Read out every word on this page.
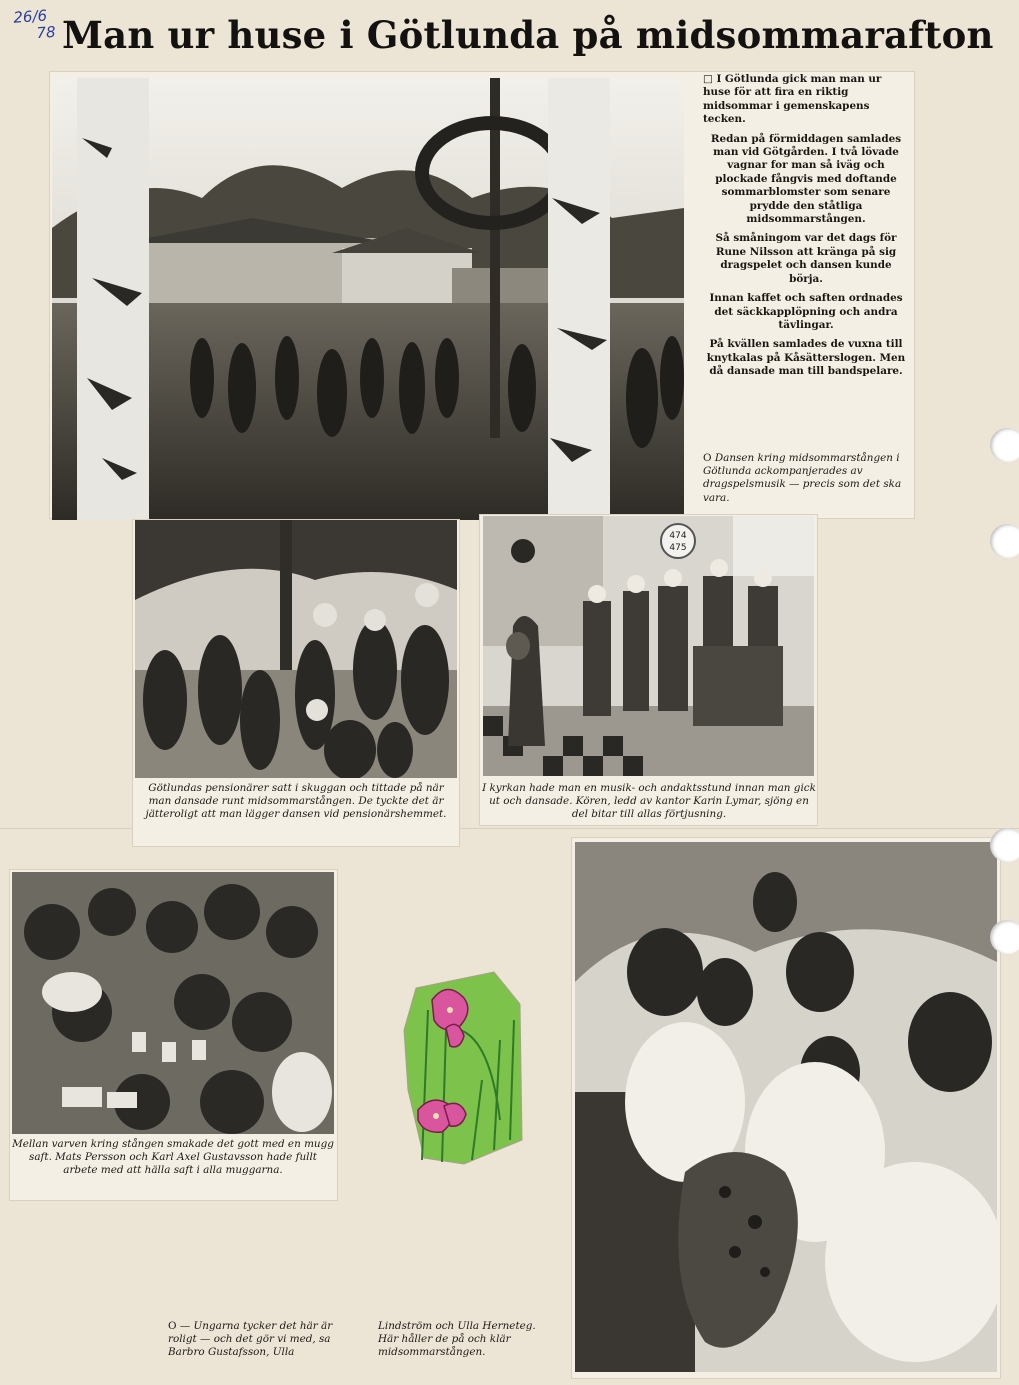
26/6
78 Man ur huse i Götlunda på midsommarafton

□ I Götlunda gick man man ur huse för att fira en riktig midsommar i gemenskapens tecken.

Redan på förmiddagen samlades man vid Götgården. I två lövade vagnar for man så iväg och plockade fångvis med doftande sommarblomster som senare prydde den ståtliga midsommarstången.

Så småningom var det dags för Rune Nilsson att kränga på sig dragspelet och dansen kunde börja.

Innan kaffet och saften ordnades det säckkapplöpning och andra tävlingar.

På kvällen samlades de vuxna till knytkalas på Kåsätterslogen. Men då dansade man till bandspelare.

O Dansen kring midsommarstången i Götlunda ackompanjerades av dragspelsmusik — precis som det ska vara.
Götlundas pensionärer satt i skuggan och tittade på när man dansade runt midsommarstången. De tyckte det är jätteroligt att man lägger dansen vid pensionärshemmet.
474
475
I kyrkan hade man en musik- och andaktsstund innan man gick ut och dansade. Kören, ledd av kantor Karin Lymar, sjöng en del bitar till allas förtjusning.
Mellan varven kring stången smakade det gott med en mugg saft. Mats Persson och Karl Axel Gustavsson hade fullt arbete med att hälla saft i alla muggarna.
O — Ungarna tycker det här är roligt — och det gör vi med, sa Barbro Gustafsson, Ulla
Lindström och Ulla Herneteg. Här håller de på och klär midsommarstången.
